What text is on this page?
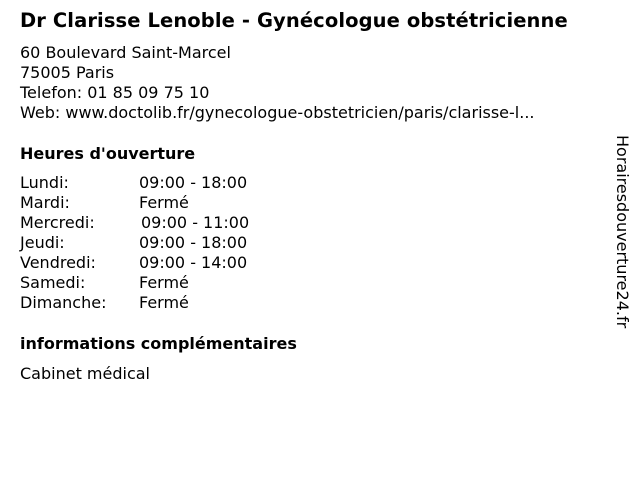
Dr Clarisse Lenoble - Gynécologue obstétricienne
60 Boulevard Saint-Marcel
75005 Paris
Telefon: 01 85 09 75 10
Web: www.doctolib.fr/gynecologue-obstetricien/paris/clarisse-l...
Heures d'ouverture
Lundi:	09:00 - 18:00
Mardi:	Fermé
Mercredi:	09:00 - 11:00
Jeudi:	09:00 - 18:00
Vendredi:	09:00 - 14:00
Samedi:	Fermé
Dimanche:	Fermé
informations complémentaires
Cabinet médical
Horairesdouverture24.fr
